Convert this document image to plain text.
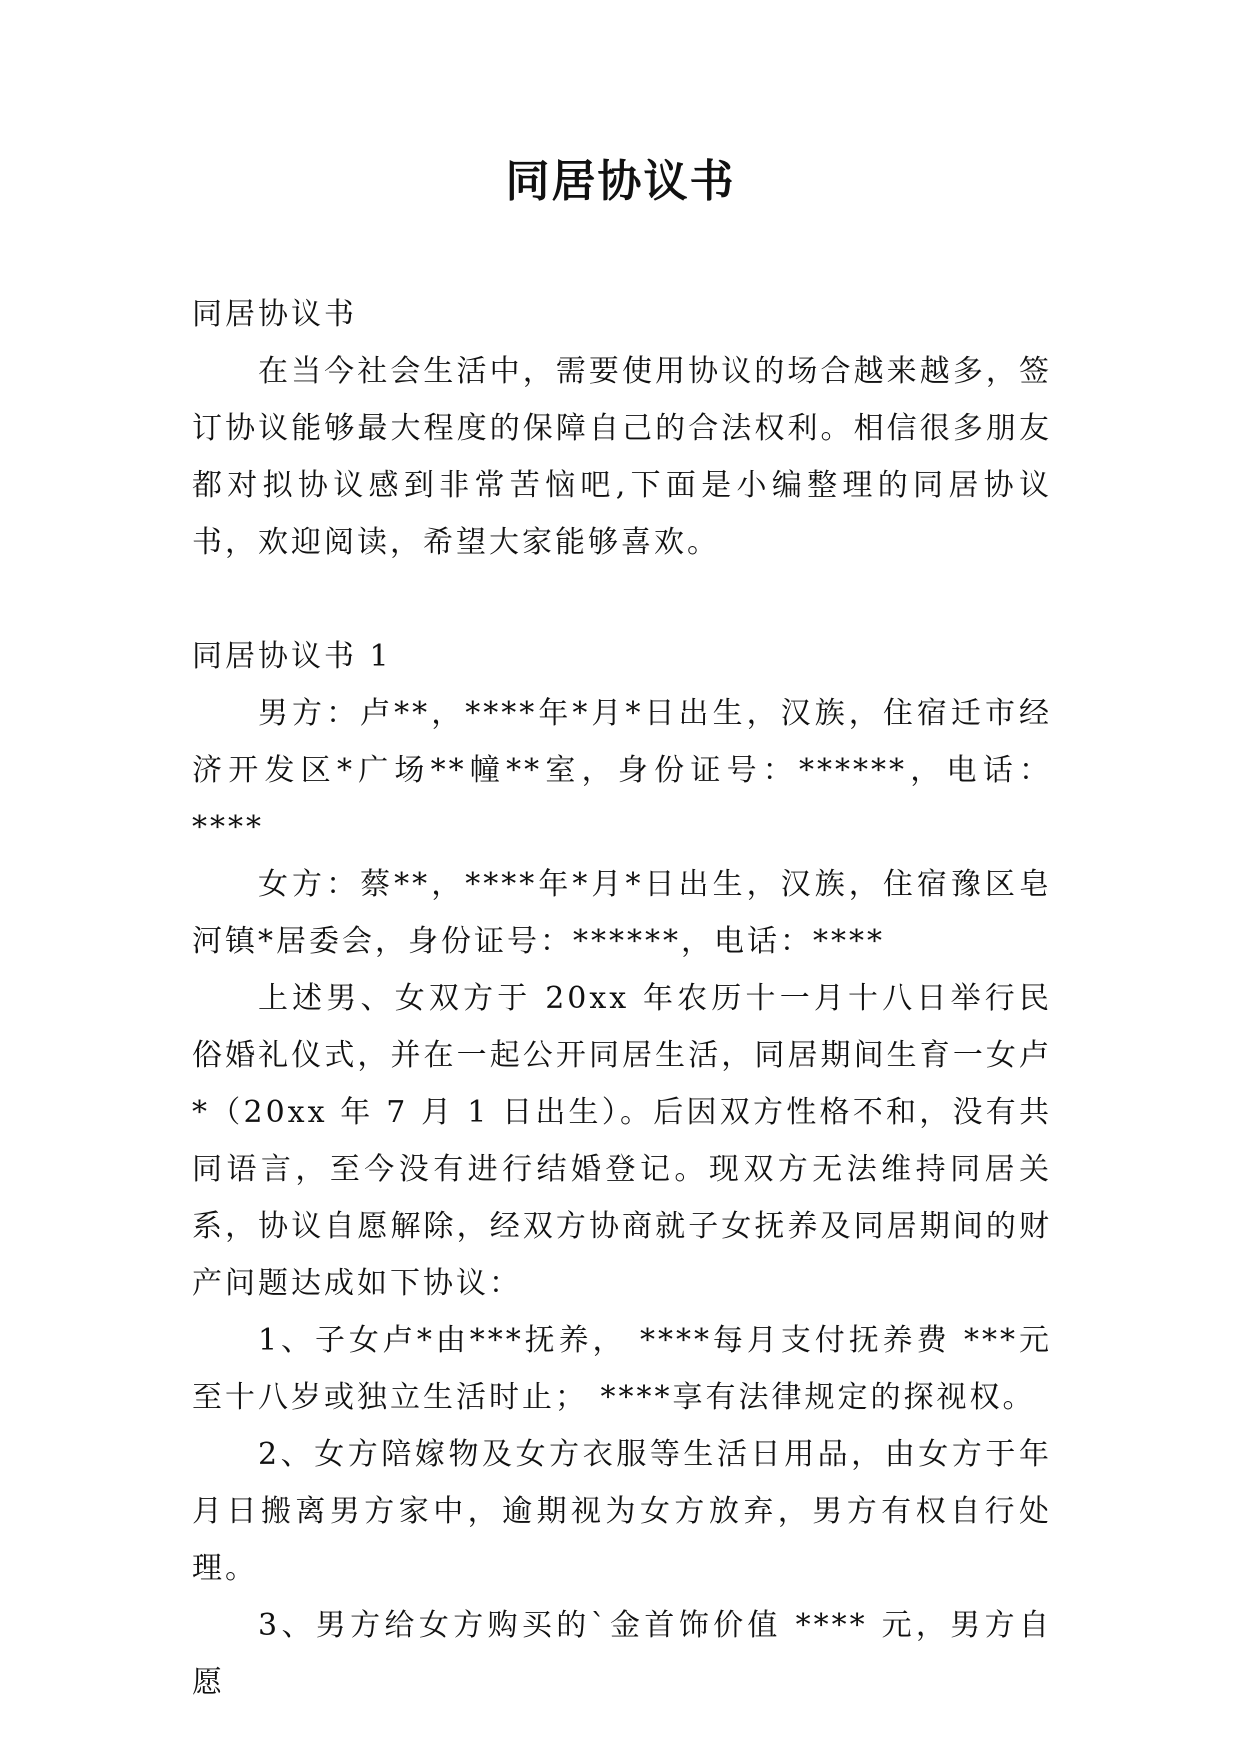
同居协议书

同居协议书

在当今社会生活中，需要使用协议的场合越来越多，签订协议能够最大程度的保障自己的合法权利。相信很多朋友都对拟协议感到非常苦恼吧,下面是小编整理的同居协议书，欢迎阅读，希望大家能够喜欢。

同居协议书 1

男方：卢**，****年*月*日出生，汉族，住宿迁市经济开发区*广场**幢**室，身份证号：******，电话：****

女方：蔡**，****年*月*日出生，汉族，住宿豫区皂河镇*居委会，身份证号：******，电话：****

上述男、女双方于 20xx 年农历十一月十八日举行民俗婚礼仪式，并在一起公开同居生活，同居期间生育一女卢*（20xx 年 7 月 1 日出生）。后因双方性格不和，没有共同语言，至今没有进行结婚登记。现双方无法维持同居关系，协议自愿解除，经双方协商就子女抚养及同居期间的财产问题达成如下协议：

1、子女卢*由***抚养， ****每月支付抚养费 ***元至十八岁或独立生活时止； ****享有法律规定的探视权。

2、女方陪嫁物及女方衣服等生活日用品，由女方于年月日搬离男方家中，逾期视为女方放弃，男方有权自行处理。

3、男方给女方购买的`金首饰价值 **** 元，男方自愿
